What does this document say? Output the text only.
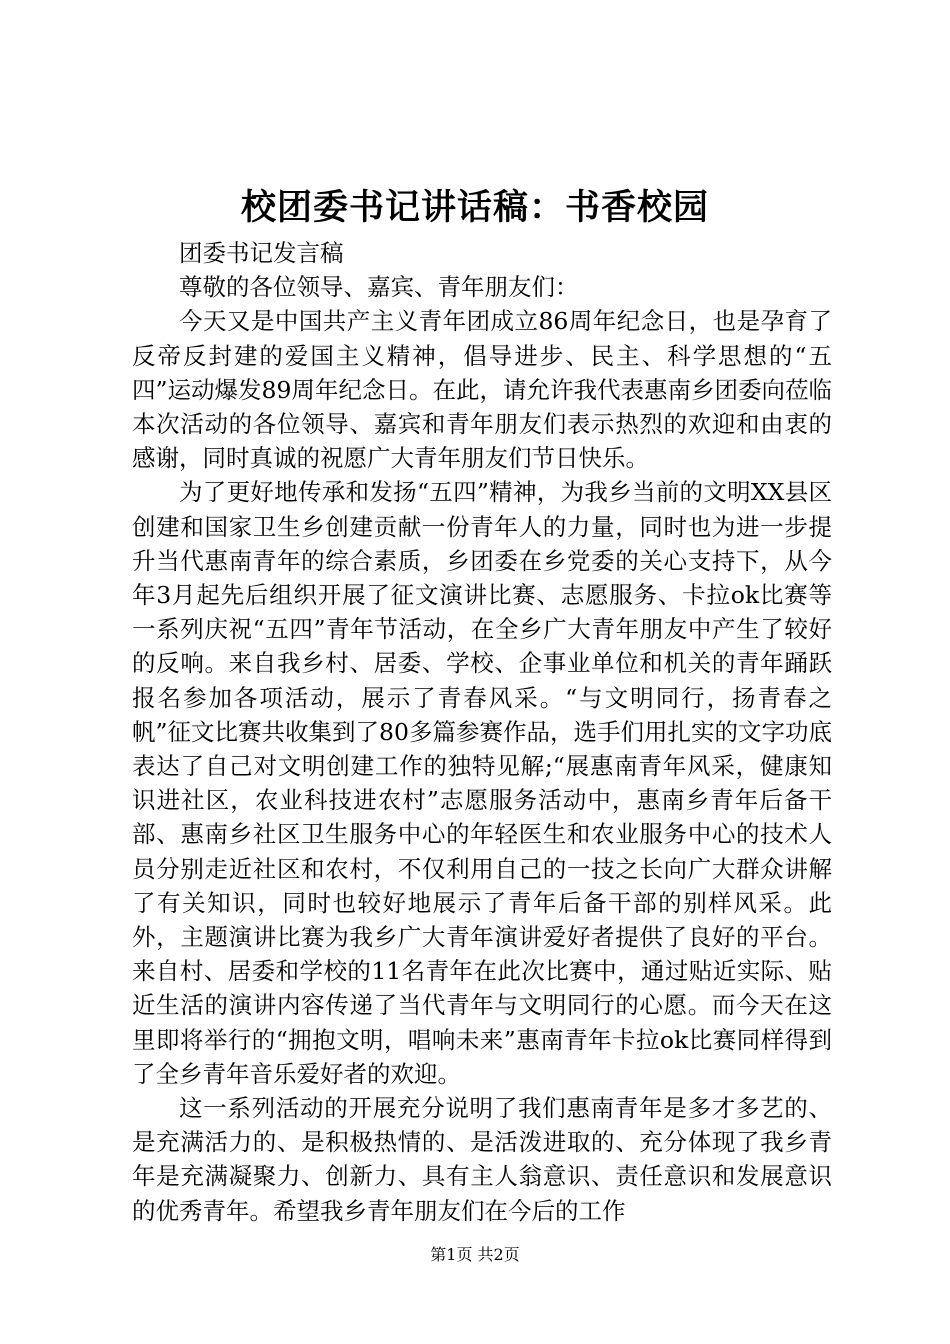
校团委书记讲话稿：书香校园

团委书记发言稿

尊敬的各位领导、嘉宾、青年朋友们：

今天又是中国共产主义青年团成立86周年纪念日，也是孕育了反帝反封建的爱国主义精神，倡导进步、民主、科学思想的“五四”运动爆发89周年纪念日。在此，请允许我代表惠南乡团委向莅临本次活动的各位领导、嘉宾和青年朋友们表示热烈的欢迎和由衷的感谢，同时真诚的祝愿广大青年朋友们节日快乐。

为了更好地传承和发扬“五四”精神，为我乡当前的文明XX县区创建和国家卫生乡创建贡献一份青年人的力量，同时也为进一步提升当代惠南青年的综合素质，乡团委在乡党委的关心支持下，从今年3月起先后组织开展了征文演讲比赛、志愿服务、卡拉ok比赛等一系列庆祝“五四”青年节活动，在全乡广大青年朋友中产生了较好的反响。来自我乡村、居委、学校、企事业单位和机关的青年踊跃报名参加各项活动，展示了青春风采。“与文明同行，扬青春之帆”征文比赛共收集到了80多篇参赛作品，选手们用扎实的文字功底表达了自己对文明创建工作的独特见解;“展惠南青年风采，健康知识进社区，农业科技进农村”志愿服务活动中，惠南乡青年后备干部、惠南乡社区卫生服务中心的年轻医生和农业服务中心的技术人员分别走近社区和农村，不仅利用自己的一技之长向广大群众讲解了有关知识，同时也较好地展示了青年后备干部的别样风采。此外，主题演讲比赛为我乡广大青年演讲爱好者提供了良好的平台。来自村、居委和学校的11名青年在此次比赛中，通过贴近实际、贴近生活的演讲内容传递了当代青年与文明同行的心愿。而今天在这里即将举行的“拥抱文明，唱响未来”惠南青年卡拉ok比赛同样得到了全乡青年音乐爱好者的欢迎。

这一系列活动的开展充分说明了我们惠南青年是多才多艺的、是充满活力的、是积极热情的、是活泼进取的、充分体现了我乡青年是充满凝聚力、创新力、具有主人翁意识、责任意识和发展意识的优秀青年。希望我乡青年朋友们在今后的工作

第1页 共2页
